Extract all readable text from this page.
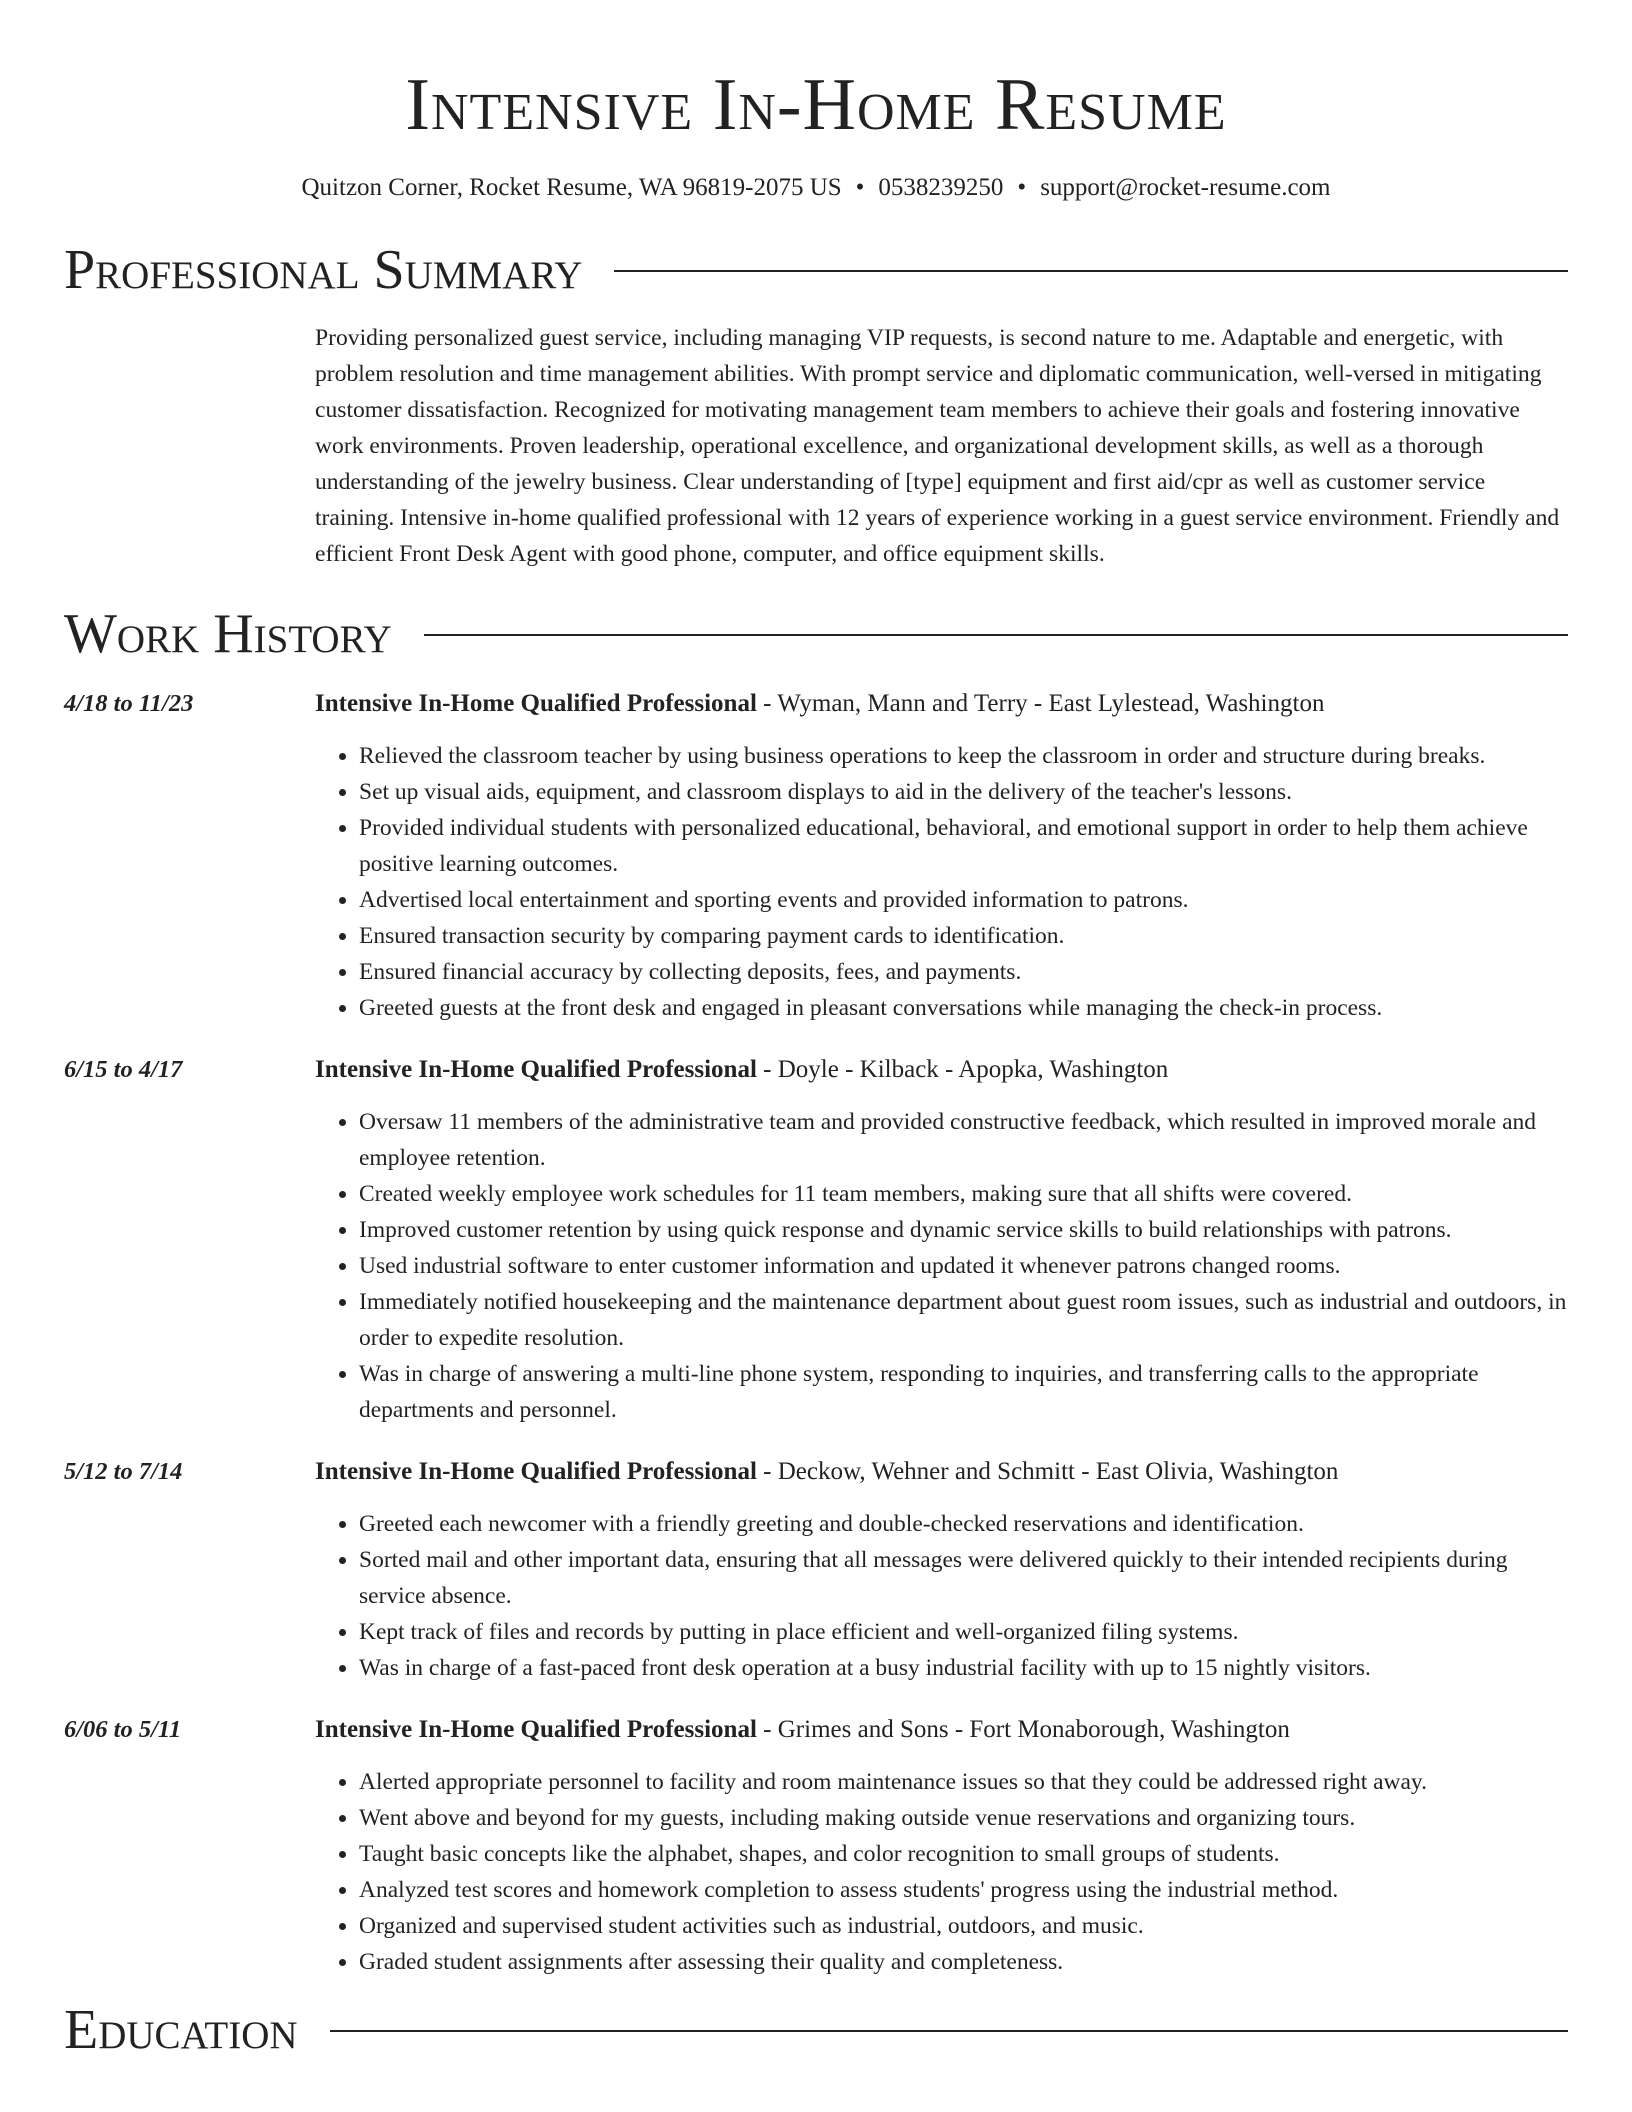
Intensive In-Home Resume
Quitzon Corner, Rocket Resume, WA 96819-2075 US • 0538239250 • support@rocket-resume.com
Professional Summary
Providing personalized guest service, including managing VIP requests, is second nature to me. Adaptable and energetic, with problem resolution and time management abilities. With prompt service and diplomatic communication, well-versed in mitigating customer dissatisfaction. Recognized for motivating management team members to achieve their goals and fostering innovative work environments. Proven leadership, operational excellence, and organizational development skills, as well as a thorough understanding of the jewelry business. Clear understanding of [type] equipment and first aid/cpr as well as customer service training. Intensive in-home qualified professional with 12 years of experience working in a guest service environment. Friendly and efficient Front Desk Agent with good phone, computer, and office equipment skills.
Work History
4/18 to 11/23	Intensive In-Home Qualified Professional - Wyman, Mann and Terry - East Lylestead, Washington
• Relieved the classroom teacher by using business operations to keep the classroom in order and structure during breaks.
• Set up visual aids, equipment, and classroom displays to aid in the delivery of the teacher's lessons.
• Provided individual students with personalized educational, behavioral, and emotional support in order to help them achieve positive learning outcomes.
• Advertised local entertainment and sporting events and provided information to patrons.
• Ensured transaction security by comparing payment cards to identification.
• Ensured financial accuracy by collecting deposits, fees, and payments.
• Greeted guests at the front desk and engaged in pleasant conversations while managing the check-in process.
6/15 to 4/17	Intensive In-Home Qualified Professional - Doyle - Kilback - Apopka, Washington
• Oversaw 11 members of the administrative team and provided constructive feedback, which resulted in improved morale and employee retention.
• Created weekly employee work schedules for 11 team members, making sure that all shifts were covered.
• Improved customer retention by using quick response and dynamic service skills to build relationships with patrons.
• Used industrial software to enter customer information and updated it whenever patrons changed rooms.
• Immediately notified housekeeping and the maintenance department about guest room issues, such as industrial and outdoors, in order to expedite resolution.
• Was in charge of answering a multi-line phone system, responding to inquiries, and transferring calls to the appropriate departments and personnel.
5/12 to 7/14	Intensive In-Home Qualified Professional - Deckow, Wehner and Schmitt - East Olivia, Washington
• Greeted each newcomer with a friendly greeting and double-checked reservations and identification.
• Sorted mail and other important data, ensuring that all messages were delivered quickly to their intended recipients during service absence.
• Kept track of files and records by putting in place efficient and well-organized filing systems.
• Was in charge of a fast-paced front desk operation at a busy industrial facility with up to 15 nightly visitors.
6/06 to 5/11	Intensive In-Home Qualified Professional - Grimes and Sons - Fort Monaborough, Washington
• Alerted appropriate personnel to facility and room maintenance issues so that they could be addressed right away.
• Went above and beyond for my guests, including making outside venue reservations and organizing tours.
• Taught basic concepts like the alphabet, shapes, and color recognition to small groups of students.
• Analyzed test scores and homework completion to assess students' progress using the industrial method.
• Organized and supervised student activities such as industrial, outdoors, and music.
• Graded student assignments after assessing their quality and completeness.
Education
